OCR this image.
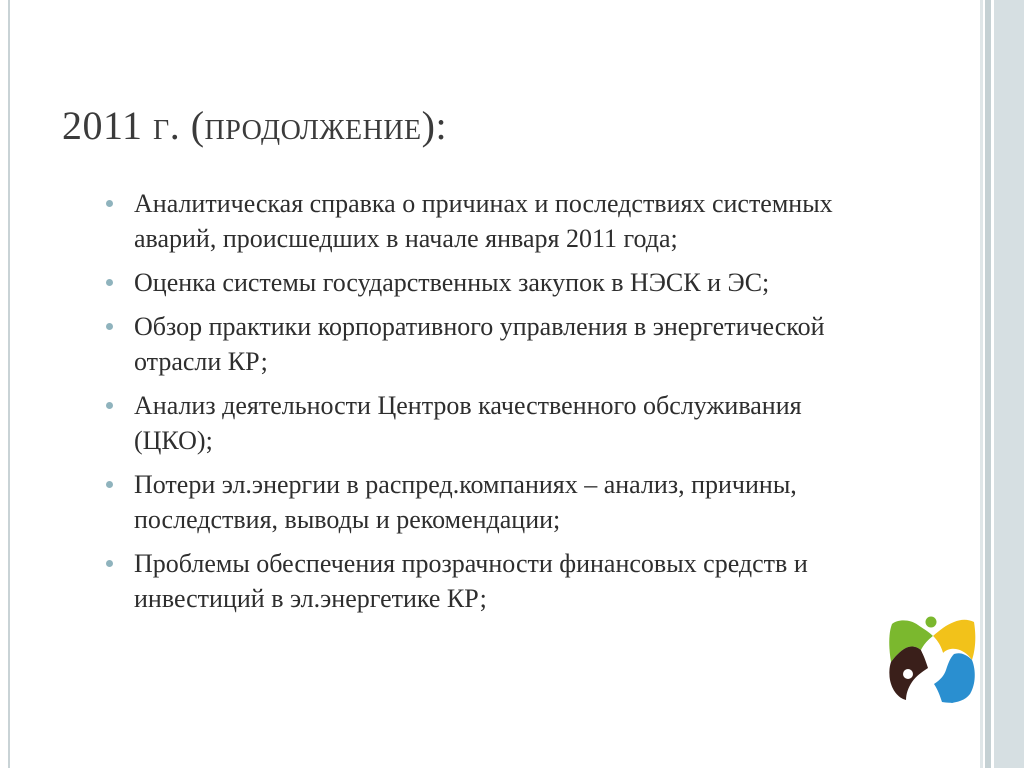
2011 г. (продолжение):
Аналитическая справка о причинах и последствиях системных аварий, происшедших в начале января 2011 года;
Оценка системы государственных закупок в НЭСК и ЭС;
Обзор практики корпоративного управления в энергетической отрасли КР;
Анализ деятельности Центров качественного обслуживания (ЦКО);
Потери эл.энергии в распред.компаниях – анализ, причины, последствия, выводы и рекомендации;
Проблемы обеспечения прозрачности финансовых средств и инвестиций в эл.энергетике КР;
